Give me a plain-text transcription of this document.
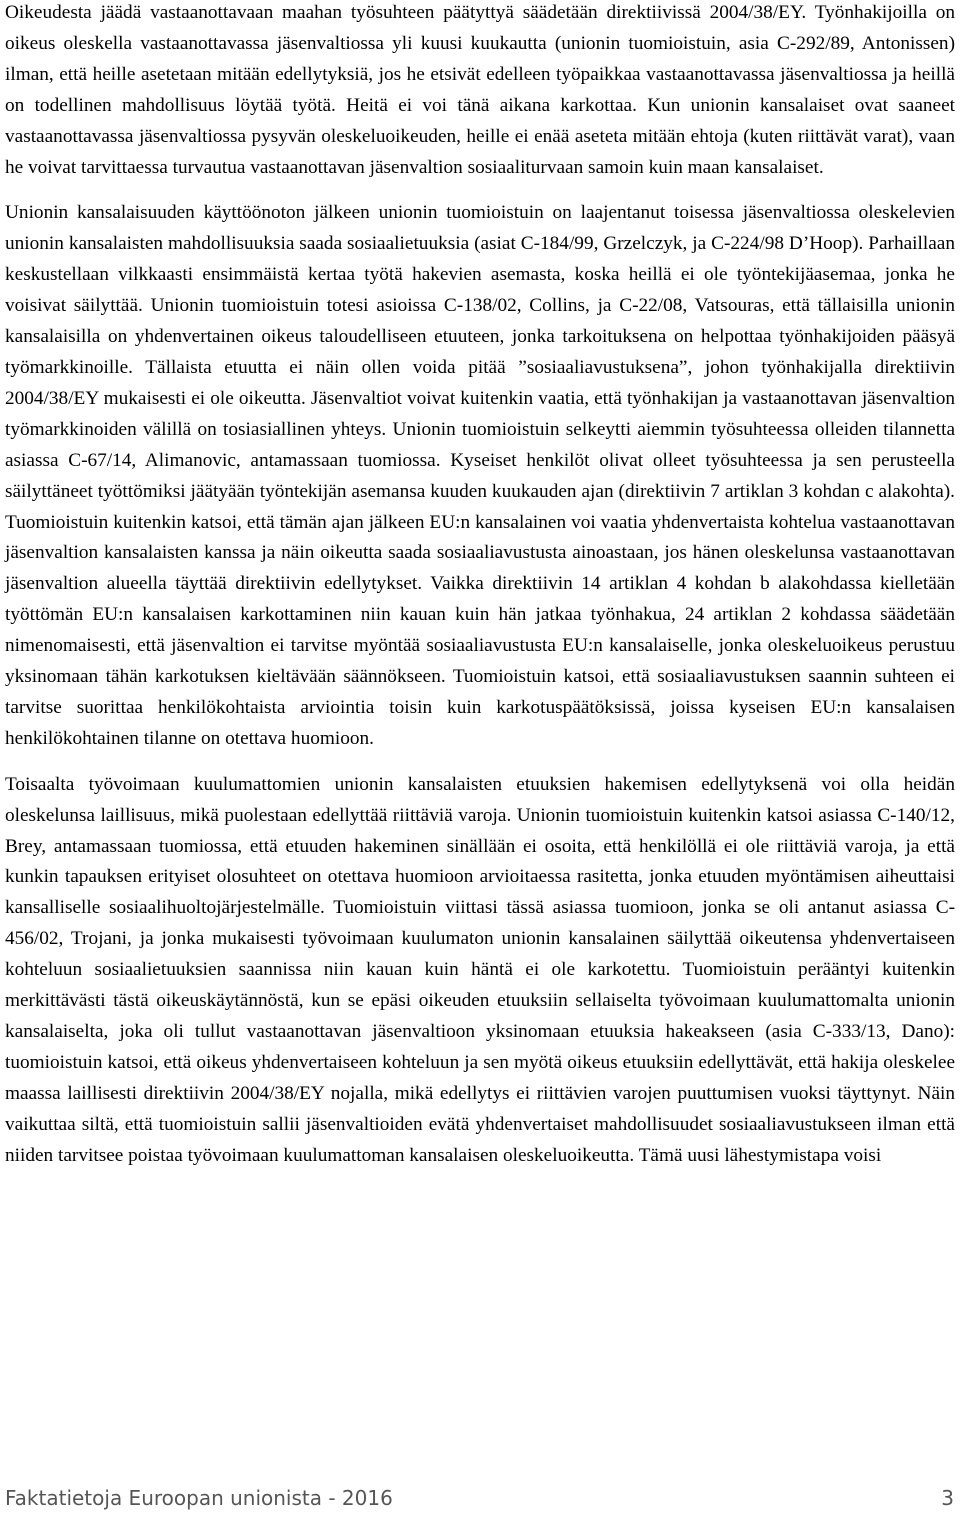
Oikeudesta jäädä vastaanottavaan maahan työsuhteen päätyttyä säädetään direktiivissä 2004/38/EY. Työnhakijoilla on oikeus oleskella vastaanottavassa jäsenvaltiossa yli kuusi kuukautta (unionin tuomioistuin, asia C-292/89, Antonissen) ilman, että heille asetetaan mitään edellytyksiä, jos he etsivät edelleen työpaikkaa vastaanottavassa jäsenvaltiossa ja heillä on todellinen mahdollisuus löytää työtä. Heitä ei voi tänä aikana karkottaa. Kun unionin kansalaiset ovat saaneet vastaanottavassa jäsenvaltiossa pysyvän oleskeluoikeuden, heille ei enää aseteta mitään ehtoja (kuten riittävät varat), vaan he voivat tarvittaessa turvautua vastaanottavan jäsenvaltion sosiaaliturvaan samoin kuin maan kansalaiset.

Unionin kansalaisuuden käyttöönoton jälkeen unionin tuomioistuin on laajentanut toisessa jäsenvaltiossa oleskelevien unionin kansalaisten mahdollisuuksia saada sosiaalietuuksia (asiat C-184/99, Grzelczyk, ja C-224/98 D’Hoop). Parhaillaan keskustellaan vilkkaasti ensimmäistä kertaa työtä hakevien asemasta, koska heillä ei ole työntekijäasemaa, jonka he voisivat säilyttää. Unionin tuomioistuin totesi asioissa C-138/02, Collins, ja C-22/08, Vatsouras, että tällaisilla unionin kansalaisilla on yhdenvertainen oikeus taloudelliseen etuuteen, jonka tarkoituksena on helpottaa työnhakijoiden pääsyä työmarkkinoille. Tällaista etuutta ei näin ollen voida pitää ”sosiaaliavustuksena”, johon työnhakijalla direktiivin 2004/38/EY mukaisesti ei ole oikeutta. Jäsenvaltiot voivat kuitenkin vaatia, että työnhakijan ja vastaanottavan jäsenvaltion työmarkkinoiden välillä on tosiasiallinen yhteys. Unionin tuomioistuin selkeytti aiemmin työsuhteessa olleiden tilannetta asiassa C-67/14, Alimanovic, antamassaan tuomiossa. Kyseiset henkilöt olivat olleet työsuhteessa ja sen perusteella säilyttäneet työttömiksi jäätyään työntekijän asemansa kuuden kuukauden ajan (direktiivin 7 artiklan 3 kohdan c alakohta). Tuomioistuin kuitenkin katsoi, että tämän ajan jälkeen EU:n kansalainen voi vaatia yhdenvertaista kohtelua vastaanottavan jäsenvaltion kansalaisten kanssa ja näin oikeutta saada sosiaaliavustusta ainoastaan, jos hänen oleskelunsa vastaanottavan jäsenvaltion alueella täyttää direktiivin edellytykset. Vaikka direktiivin 14 artiklan 4 kohdan b alakohdassa kielletään työttömän EU:n kansalaisen karkottaminen niin kauan kuin hän jatkaa työnhakua, 24 artiklan 2 kohdassa säädetään nimenomaisesti, että jäsenvaltion ei tarvitse myöntää sosiaaliavustusta EU:n kansalaiselle, jonka oleskeluoikeus perustuu yksinomaan tähän karkotuksen kieltävään säännökseen. Tuomioistuin katsoi, että sosiaaliavustuksen saannin suhteen ei tarvitse suorittaa henkilökohtaista arviointia toisin kuin karkotuspäätöksissä, joissa kyseisen EU:n kansalaisen henkilökohtainen tilanne on otettava huomioon.

Toisaalta työvoimaan kuulumattomien unionin kansalaisten etuuksien hakemisen edellytyksenä voi olla heidän oleskelunsa laillisuus, mikä puolestaan edellyttää riittäviä varoja. Unionin tuomioistuin kuitenkin katsoi asiassa C-140/12, Brey, antamassaan tuomiossa, että etuuden hakeminen sinällään ei osoita, että henkilöllä ei ole riittäviä varoja, ja että kunkin tapauksen erityiset olosuhteet on otettava huomioon arvioitaessa rasitetta, jonka etuuden myöntämisen aiheuttaisi kansalliselle sosiaalihuoltojärjestelmälle. Tuomioistuin viittasi tässä asiassa tuomioon, jonka se oli antanut asiassa C-456/02, Trojani, ja jonka mukaisesti työvoimaan kuulumaton unionin kansalainen säilyttää oikeutensa yhdenvertaiseen kohteluun sosiaalietuuksien saannissa niin kauan kuin häntä ei ole karkotettu. Tuomioistuin perääntyi kuitenkin merkittävästi tästä oikeuskäytännöstä, kun se epäsi oikeuden etuuksiin sellaiselta työvoimaan kuulumattomalta unionin kansalaiselta, joka oli tullut vastaanottavan jäsenvaltioon yksinomaan etuuksia hakeakseen (asia C-333/13, Dano): tuomioistuin katsoi, että oikeus yhdenvertaiseen kohteluun ja sen myötä oikeus etuuksiin edellyttävät, että hakija oleskelee maassa laillisesti direktiivin 2004/38/EY nojalla, mikä edellytys ei riittävien varojen puuttumisen vuoksi täyttynyt. Näin vaikuttaa siltä, että tuomioistuin sallii jäsenvaltioiden evätä yhdenvertaiset mahdollisuudet sosiaaliavustukseen ilman että niiden tarvitsee poistaa työvoimaan kuulumattoman kansalaisen oleskeluoikeutta. Tämä uusi lähestymistapa voisi

Faktatietoja Euroopan unionista - 2016	3
